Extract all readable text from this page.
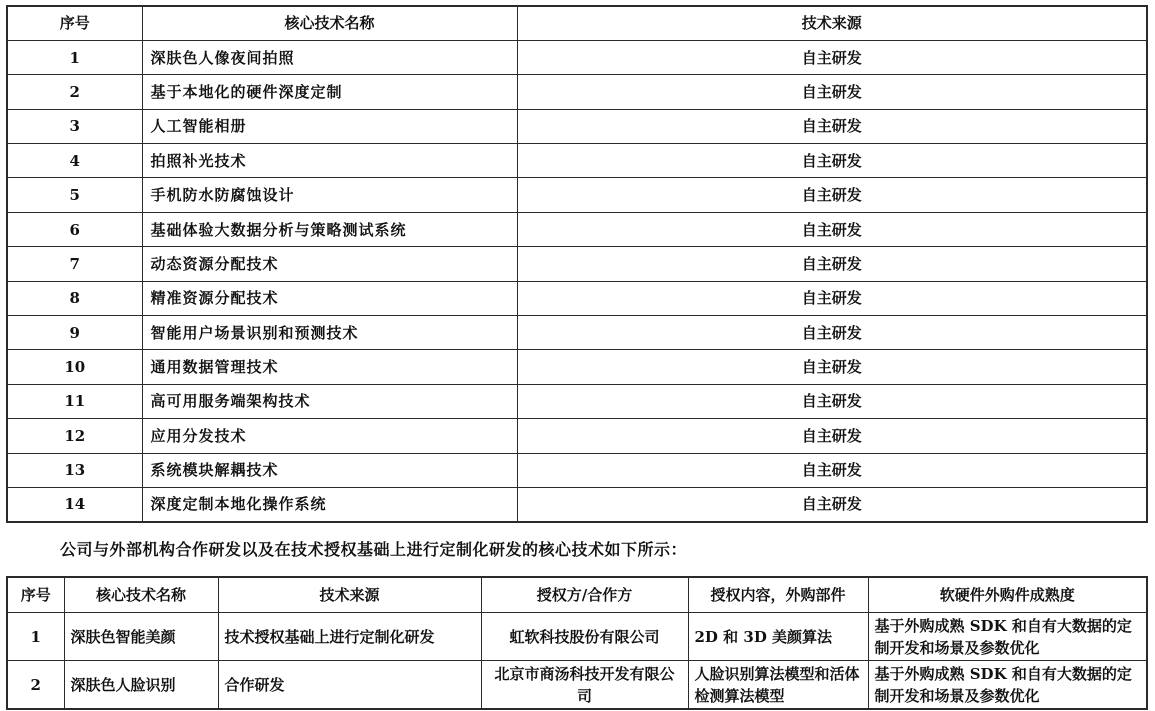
序号	核心技术名称	技术来源
1	深肤色人像夜间拍照	自主研发
2	基于本地化的硬件深度定制	自主研发
3	人工智能相册	自主研发
4	拍照补光技术	自主研发
5	手机防水防腐蚀设计	自主研发
6	基础体验大数据分析与策略测试系统	自主研发
7	动态资源分配技术	自主研发
8	精准资源分配技术	自主研发
9	智能用户场景识别和预测技术	自主研发
10	通用数据管理技术	自主研发
11	高可用服务端架构技术	自主研发
12	应用分发技术	自主研发
13	系统模块解耦技术	自主研发
14	深度定制本地化操作系统	自主研发

公司与外部机构合作研发以及在技术授权基础上进行定制化研发的核心技术如下所示：

序号	核心技术名称	技术来源	授权方/合作方	授权内容，外购部件	软硬件外购件成熟度
1	深肤色智能美颜	技术授权基础上进行定制化研发	虹软科技股份有限公司	2D 和 3D 美颜算法	基于外购成熟 SDK 和自有大数据的定制开发和场景及参数优化
2	深肤色人脸识别	合作研发	北京市商汤科技开发有限公司	人脸识别算法模型和活体检测算法模型	基于外购成熟 SDK 和自有大数据的定制开发和场景及参数优化
